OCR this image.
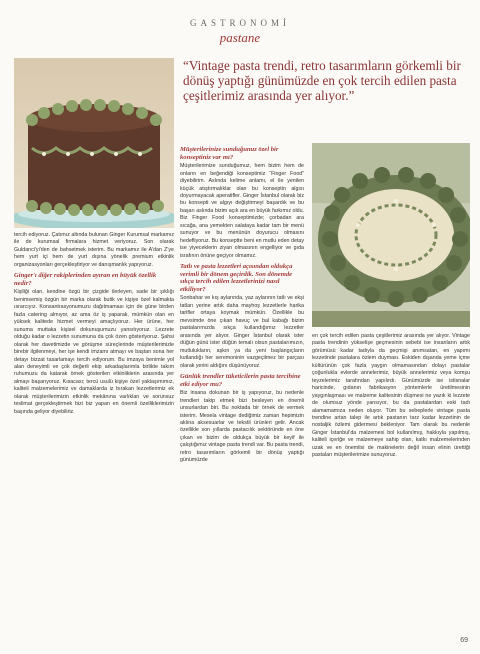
GASTRONOMİ
pastane
“Vintage pasta trendi, retro tasarımların görkemli bir dönüş yaptığı günümüzde en çok tercih edilen pasta çeşitlerimiz arasında yer alıyor.”

tercih ediyoruz. Çatımız altında bulunan Ginger Kurumsal markamız ile de kurumsal firmalara hizmet veriyoruz. Son olarak Guldanci'yi'den de bahsetmek isterim. Bu markamız ile A'dan Z'ye hem yurt içi hem de yurt dışına yönelik premium etkinlik organizasyonları gerçekleştiriyor ve danışmanlık yapıyoruz.

Ginger'ı diğer rakiplerinden ayıran en büyük özellik nedir?

Kişiliği olan, kendine özgü bir çizgide ilerleyen, sade bir şıklığı benimsemiş özgün bir marka olarak butik ve kişiye özel kalmakta ısrarcıyız. Konsantrasyonumuzu dağıtmaması için de güne birden fazla catering almıyor, az ama öz iş yaparak, mümkün olan en yüksek kalitede hizmet vermeyi amaçlıyoruz. Her ürüne, her sunuma muttaka kişisel dokunuşumuzu yansıtıyoruz. Lezzete olduğu kadar o lezzetin sunumuna da çok özen gösteriyoruz. Şahsi olarak her davetimizde ve görüşme süreçlerinde müşterilerimizle birebir ilgilenmeyi, her işe kendi imzamı atmayı ve baştan sona her detayı bizzat tasarlamayı tercih ediyorum. Bu imzaya benimle yol alan deneyimli ve çok değerli ekip arkadaşlarımla birlikte takım ruhumuzu da katarak örnek gösterilen etkinliklerin arasında yer almayı başarıyoruz. Kısacası; tercü usulü kişiye özel yaklaşımımız, kaliteli malzemelerimiz ve damaklarda iz bırakan lezzetlerimiz ek olarak müşterilerimizin etkinlik mekânına varlıkları ve sorunsuz teslimat gerçekleştirmek bizi biz yapan en önemli özelliklerimizin başında geliyor diyebiliriz.

Müşterilerinize sunduğunuz özel bir konseptiniz var mı?

Müşterilerimize sunduğumuz, hem bizim hem de onların en beğendiği konseptimiz “Finger Food” diyebilirim. Aslında kelime anlamı, el ile yenilen küçük atıştırmalıklar olan bu konseptin algısı doyurmayacak aperatifler. Ginger İstanbul olarak biz bu konsepti ve algıyı değiştirmeyi başardık ve bu başarı aslında bizim açık ara en büyük farkımız oldu. Biz Finger Food konseptimizde; çorbadan ara sıcağa, ana yemekten salataya kadar tam bir menü sunuyor ve bu menünün doyurucu olmasını hedefliyoruz. Bu konseptte beni en mutlu eden detay ise yiyeceklerin ziyan olmasının engelliyor ve gıda israfının önüne geçiyor olmamız.

Tatlı ve pasta lezzetleri açısından oldukça verimli bir dönem geçirdik. Son dönemde sıkça tercih edilen lezzetlerinizi nasıl etkiliyor?

Sonbahar ve kış aylarında, yaz aylarının tatlı ve ekşi tatları yerine artık daha mayhoş lezzetlerle harika tarifler ortaya koymak mümkün. Özellikle bu mevsimde öne çıkan havuç ve bal kabağı bizim pastalarımızda sıkça kullandığımız lezzetler arasında yer alıyor. Ginger İstanbul olarak ister düğün günü ister düğün temalı olsun pastalarımızın, mutlulukların, aşkın ya da yeni başlangıçların kutlandığı her seremoninin vazgeçilmez bir parçası olarak yerini aldığını düşünüyoruz.

Günlük trendler tüketicilerin pasta tercihine etki ediyor mu?

Biz insana dokunan bir iş yapıyoruz, bu nedenle trendleri takip etmek bizi besleyen en önemli unsurlardan biri. Bu noktada bir örnek de vermek isterim. Mesela vintage dediğimiz zaman hepimizin aklına aksesuarlar ve tekstil ürünleri gelir. Ancak özellikle son yıllarda pastacılık sektöründe en öne çıkan ve bizim de oldukça büyük bir keyif ile çalıştığımız vintage pasta trendi var. Bu pasta trendi, retro tasarımların görkemli bir dönüş yaptığı günümüzde

en çok tercih edilen pasta çeşitlerimiz arasında yer alıyor. Vintage pasta trendinin yükselişe geçmesinin sebebi ise insanların artık görümüsü kadar tadıyla da geçmişi anımsatan, en yapımı lezzetinde pastalara özlem duyması. Eskiden dışanda yeme içme kültürünün çok fazla yaygın olmamasından dolayı pastalar çoğunlukla evlerde annelerimiz, büyük annelerimiz veya komşu teyzelerimiz tarafından yapılırdı. Günümüzde ise istisnalar haricinde, gıdanın fabrikasyon yöntemlerle üretilmesinin yaygınlaşması ve malzeme kalitesinin düşmesi ne yazık ki lezzete de olumsuz yönde yansıyor, bu da pastalardan eski tadı alamamamıza neden oluyor. Tüm bu sebeplerle vintage pasta trendine artan talep ile artık pastanın tarz kadar lezzetinin de nostaljik özlemi gidermesi bekleniyor. Tam olarak bu nedenle Ginger İstanbul'da malzemesi bol kullanılmış, hakkıyla yapılmış, kaliteli içeriğe ve malzemeye sahip olan, katkı malzemelerinden uzak ve en önemlisi de makinelerin değil insan elinin ürettiği pastaları müşterilerimize sunuyoruz.

69
